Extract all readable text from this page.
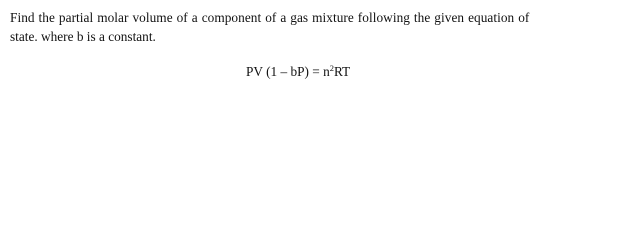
Find the partial molar volume of a component of a gas mixture following the given equation of

state. where b is a constant.

PV $(1 - bP) = n^2RT$
